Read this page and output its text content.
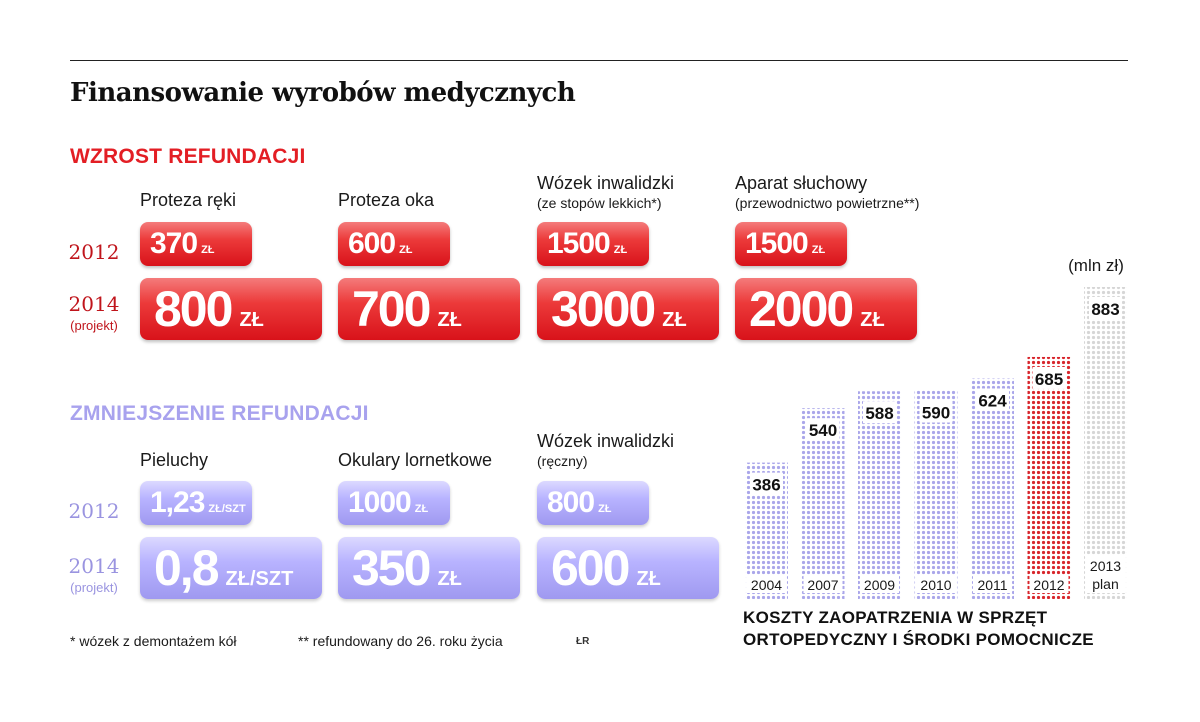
Finansowanie wyrobów medycznych
WZROST REFUNDACJI
Proteza ręki	Proteza oka
Wózek inwalidzki
(ze stopów lekkich*)
Aparat słuchowy
(przewodnictwo powietrzne**)
2012
2014
(projekt)
370 ZŁ	600 ZŁ	1500 ZŁ	1500 ZŁ
800 ZŁ 700 ZŁ 3000 ZŁ 2000 ZŁ
ZMNIEJSZENIE REFUNDACJI
Pieluchy	Okulary lornetkowe
Wózek inwalidzki
(ręczny)
2012
2014
(projekt)
1,23 ZŁ/SZT	1000 ZŁ	800 ZŁ
0,8 ZŁ/SZT 350 ZŁ 600 ZŁ
* wózek z demontażem kół	** refundowany do 26. roku życia	ŁR
(mln zł)
386
2004
540
2007
588
2009
590
2010
624
2011
685
2012
883
2013
plan
KOSZTY ZAOPATRZENIA W SPRZĘT
ORTOPEDYCZNY I ŚRODKI POMOCNICZE
